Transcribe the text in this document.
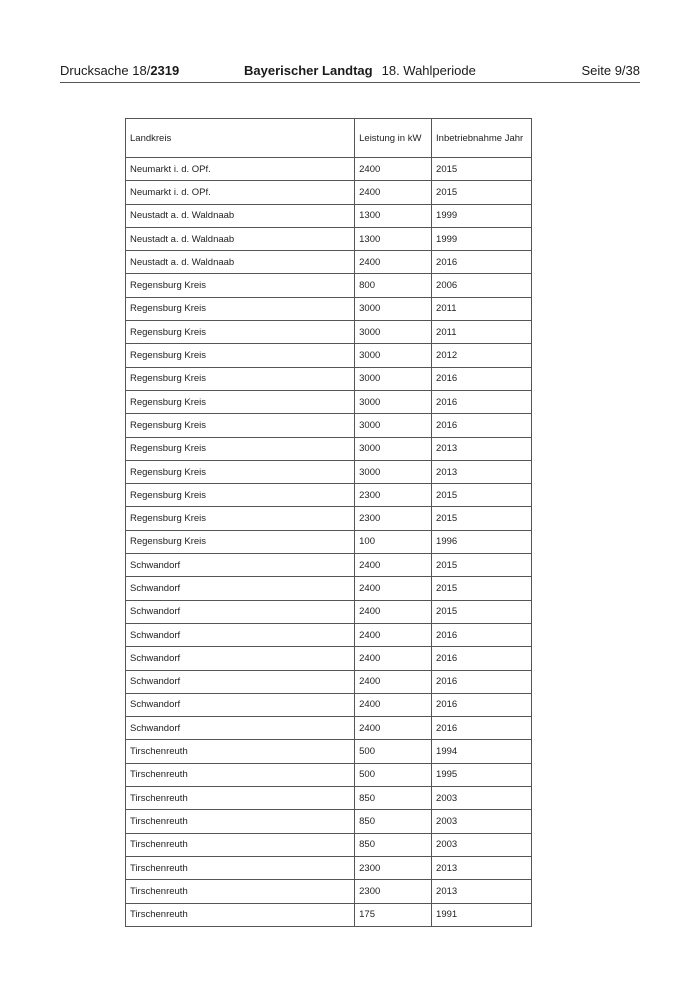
Drucksache 18/2319	Bayerischer Landtag 18. Wahlperiode	Seite 9/38
Landkreis	Leistung in kW	Inbetriebnahme Jahr
Neumarkt i. d. OPf.	2400	2015
Neumarkt i. d. OPf.	2400	2015
Neustadt a. d. Waldnaab	1300	1999
Neustadt a. d. Waldnaab	1300	1999
Neustadt a. d. Waldnaab	2400	2016
Regensburg Kreis	800	2006
Regensburg Kreis	3000	2011
Regensburg Kreis	3000	2011
Regensburg Kreis	3000	2012
Regensburg Kreis	3000	2016
Regensburg Kreis	3000	2016
Regensburg Kreis	3000	2016
Regensburg Kreis	3000	2013
Regensburg Kreis	3000	2013
Regensburg Kreis	2300	2015
Regensburg Kreis	2300	2015
Regensburg Kreis	100	1996
Schwandorf	2400	2015
Schwandorf	2400	2015
Schwandorf	2400	2015
Schwandorf	2400	2016
Schwandorf	2400	2016
Schwandorf	2400	2016
Schwandorf	2400	2016
Schwandorf	2400	2016
Tirschenreuth	500	1994
Tirschenreuth	500	1995
Tirschenreuth	850	2003
Tirschenreuth	850	2003
Tirschenreuth	850	2003
Tirschenreuth	2300	2013
Tirschenreuth	2300	2013
Tirschenreuth	175	1991
